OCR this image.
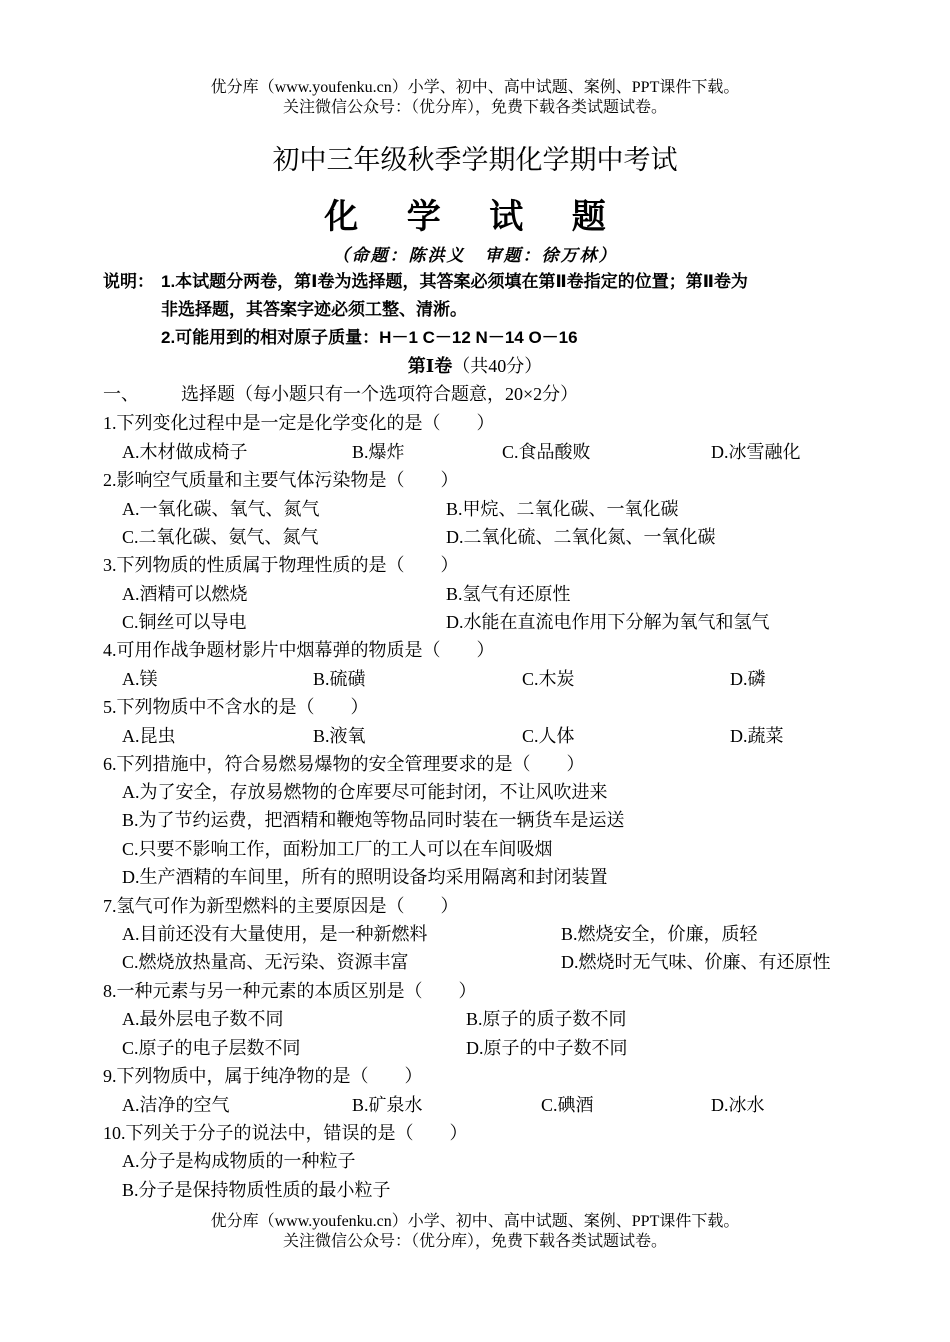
优分库（www.youfenku.cn）小学、初中、高中试题、案例、PPT课件下载。
关注微信公众号：（优分库），免费下载各类试题试卷。
初中三年级秋季学期化学期中考试
化 学 试 题
（命题：陈洪义　审题：徐万林）
说明： 1.本试题分两卷，第Ⅰ卷为选择题，其答案必须填在第Ⅱ卷指定的位置；第Ⅱ卷为
非选择题，其答案字迹必须工整、清淅。
2.可能用到的相对原子质量：H－1 C－12 N－14 O－16
第Ⅰ卷（共40分）
一、 选择题（每小题只有一个选项符合题意，20×2分）
1.下列变化过程中是一定是化学变化的是（　　）
A.木材做成椅子	B.爆炸	C.食品酸败	D.冰雪融化
2.影响空气质量和主要气体污染物是（　　）
A.一氧化碳、氧气、氮气	B.甲烷、二氧化碳、一氧化碳
C.二氧化碳、氨气、氮气	D.二氧化硫、二氧化氮、一氧化碳
3.下列物质的性质属于物理性质的是（　　）
A.酒精可以燃烧	B.氢气有还原性
C.铜丝可以导电	D.水能在直流电作用下分解为氧气和氢气
4.可用作战争题材影片中烟幕弹的物质是（　　）
A.镁	B.硫磺	C.木炭	D.磷
5.下列物质中不含水的是（　　）
A.昆虫	B.液氧	C.人体	D.蔬菜
6.下列措施中，符合易燃易爆物的安全管理要求的是（　　）
A.为了安全，存放易燃物的仓库要尽可能封闭，不让风吹进来
B.为了节约运费，把酒精和鞭炮等物品同时装在一辆货车是运送
C.只要不影响工作，面粉加工厂的工人可以在车间吸烟
D.生产酒精的车间里，所有的照明设备均采用隔离和封闭装置
7.氢气可作为新型燃料的主要原因是（　　）
A.目前还没有大量使用，是一种新燃料	B.燃烧安全，价廉，质轻
C.燃烧放热量高、无污染、资源丰富	D.燃烧时无气味、价廉、有还原性
8.一种元素与另一种元素的本质区别是（　　）
A.最外层电子数不同	B.原子的质子数不同
C.原子的电子层数不同	D.原子的中子数不同
9.下列物质中，属于纯净物的是（　　）
A.洁净的空气	B.矿泉水	C.碘酒	D.冰水
10.下列关于分子的说法中，错误的是（　　）
A.分子是构成物质的一种粒子
B.分子是保持物质性质的最小粒子
优分库（www.youfenku.cn）小学、初中、高中试题、案例、PPT课件下载。
关注微信公众号：（优分库），免费下载各类试题试卷。
